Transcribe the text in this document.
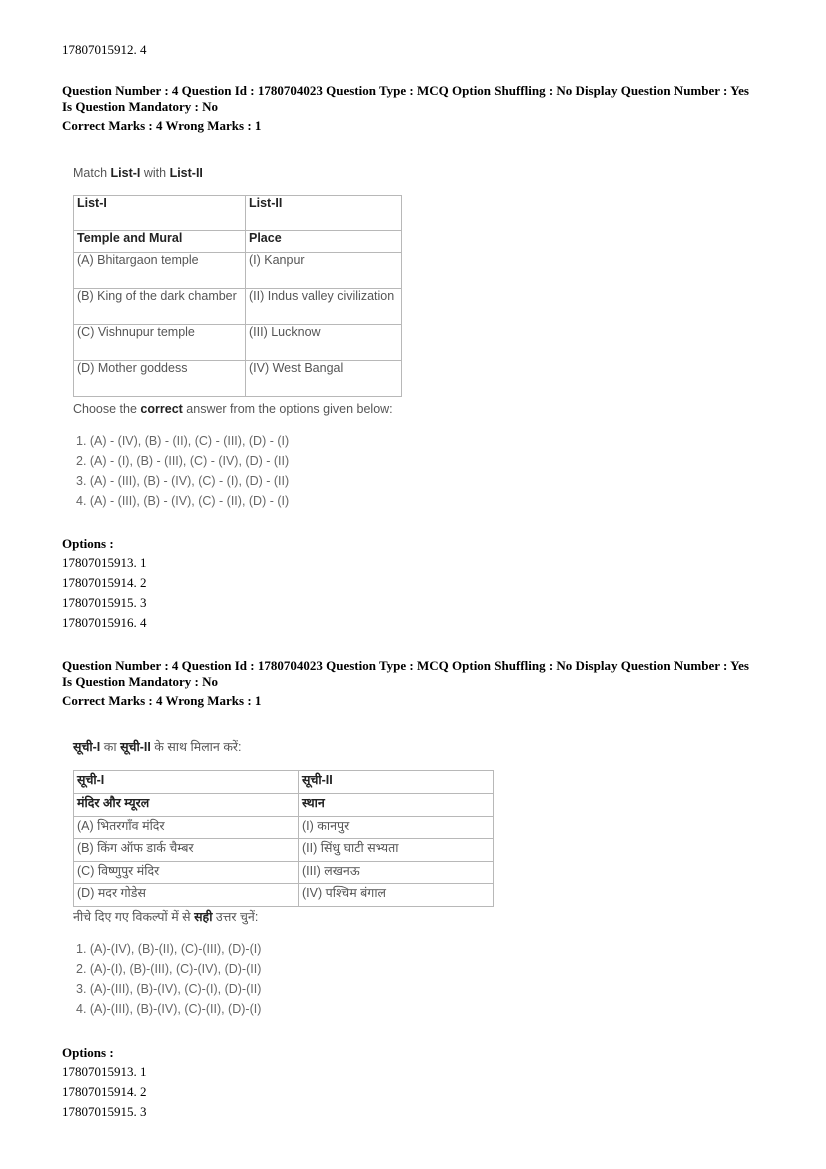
17807015912. 4
Question Number : 4 Question Id : 1780704023 Question Type : MCQ Option Shuffling : No Display Question Number : Yes
Is Question Mandatory : No
Correct Marks : 4 Wrong Marks : 1
Match List-I with List-II
List-I	List-II
Temple and Mural	Place
(A) Bhitargaon temple	(I) Kanpur
(B) King of the dark chamber	(II) Indus valley civilization
(C) Vishnupur temple	(III) Lucknow
(D) Mother goddess	(IV) West Bangal
Choose the correct answer from the options given below:
1. (A) - (IV), (B) - (II), (C) - (III), (D) - (I)
2. (A) - (I), (B) - (III), (C) - (IV), (D) - (II)
3. (A) - (III), (B) - (IV), (C) - (I), (D) - (II)
4. (A) - (III), (B) - (IV), (C) - (II), (D) - (I)
Options :
17807015913. 1
17807015914. 2
17807015915. 3
17807015916. 4
Question Number : 4 Question Id : 1780704023 Question Type : MCQ Option Shuffling : No Display Question Number : Yes
Is Question Mandatory : No
Correct Marks : 4 Wrong Marks : 1
सूची-I का सूची-II के साथ मिलान करें:
सूची-I	सूची-II
मंदिर और म्यूरल	स्थान
(A) भितरगाँव मंदिर	(I) कानपुर
(B) किंग ऑफ डार्क चैम्बर	(II) सिंधु घाटी सभ्यता
(C) विष्णुपुर मंदिर	(III) लखनऊ
(D) मदर गोडेस	(IV) पश्चिम बंगाल
नीचे दिए गए विकल्पों में से सही उत्तर चुनें:
1. (A)-(IV), (B)-(II), (C)-(III), (D)-(I)
2. (A)-(I), (B)-(III), (C)-(IV), (D)-(II)
3. (A)-(III), (B)-(IV), (C)-(I), (D)-(II)
4. (A)-(III), (B)-(IV), (C)-(II), (D)-(I)
Options :
17807015913. 1
17807015914. 2
17807015915. 3
